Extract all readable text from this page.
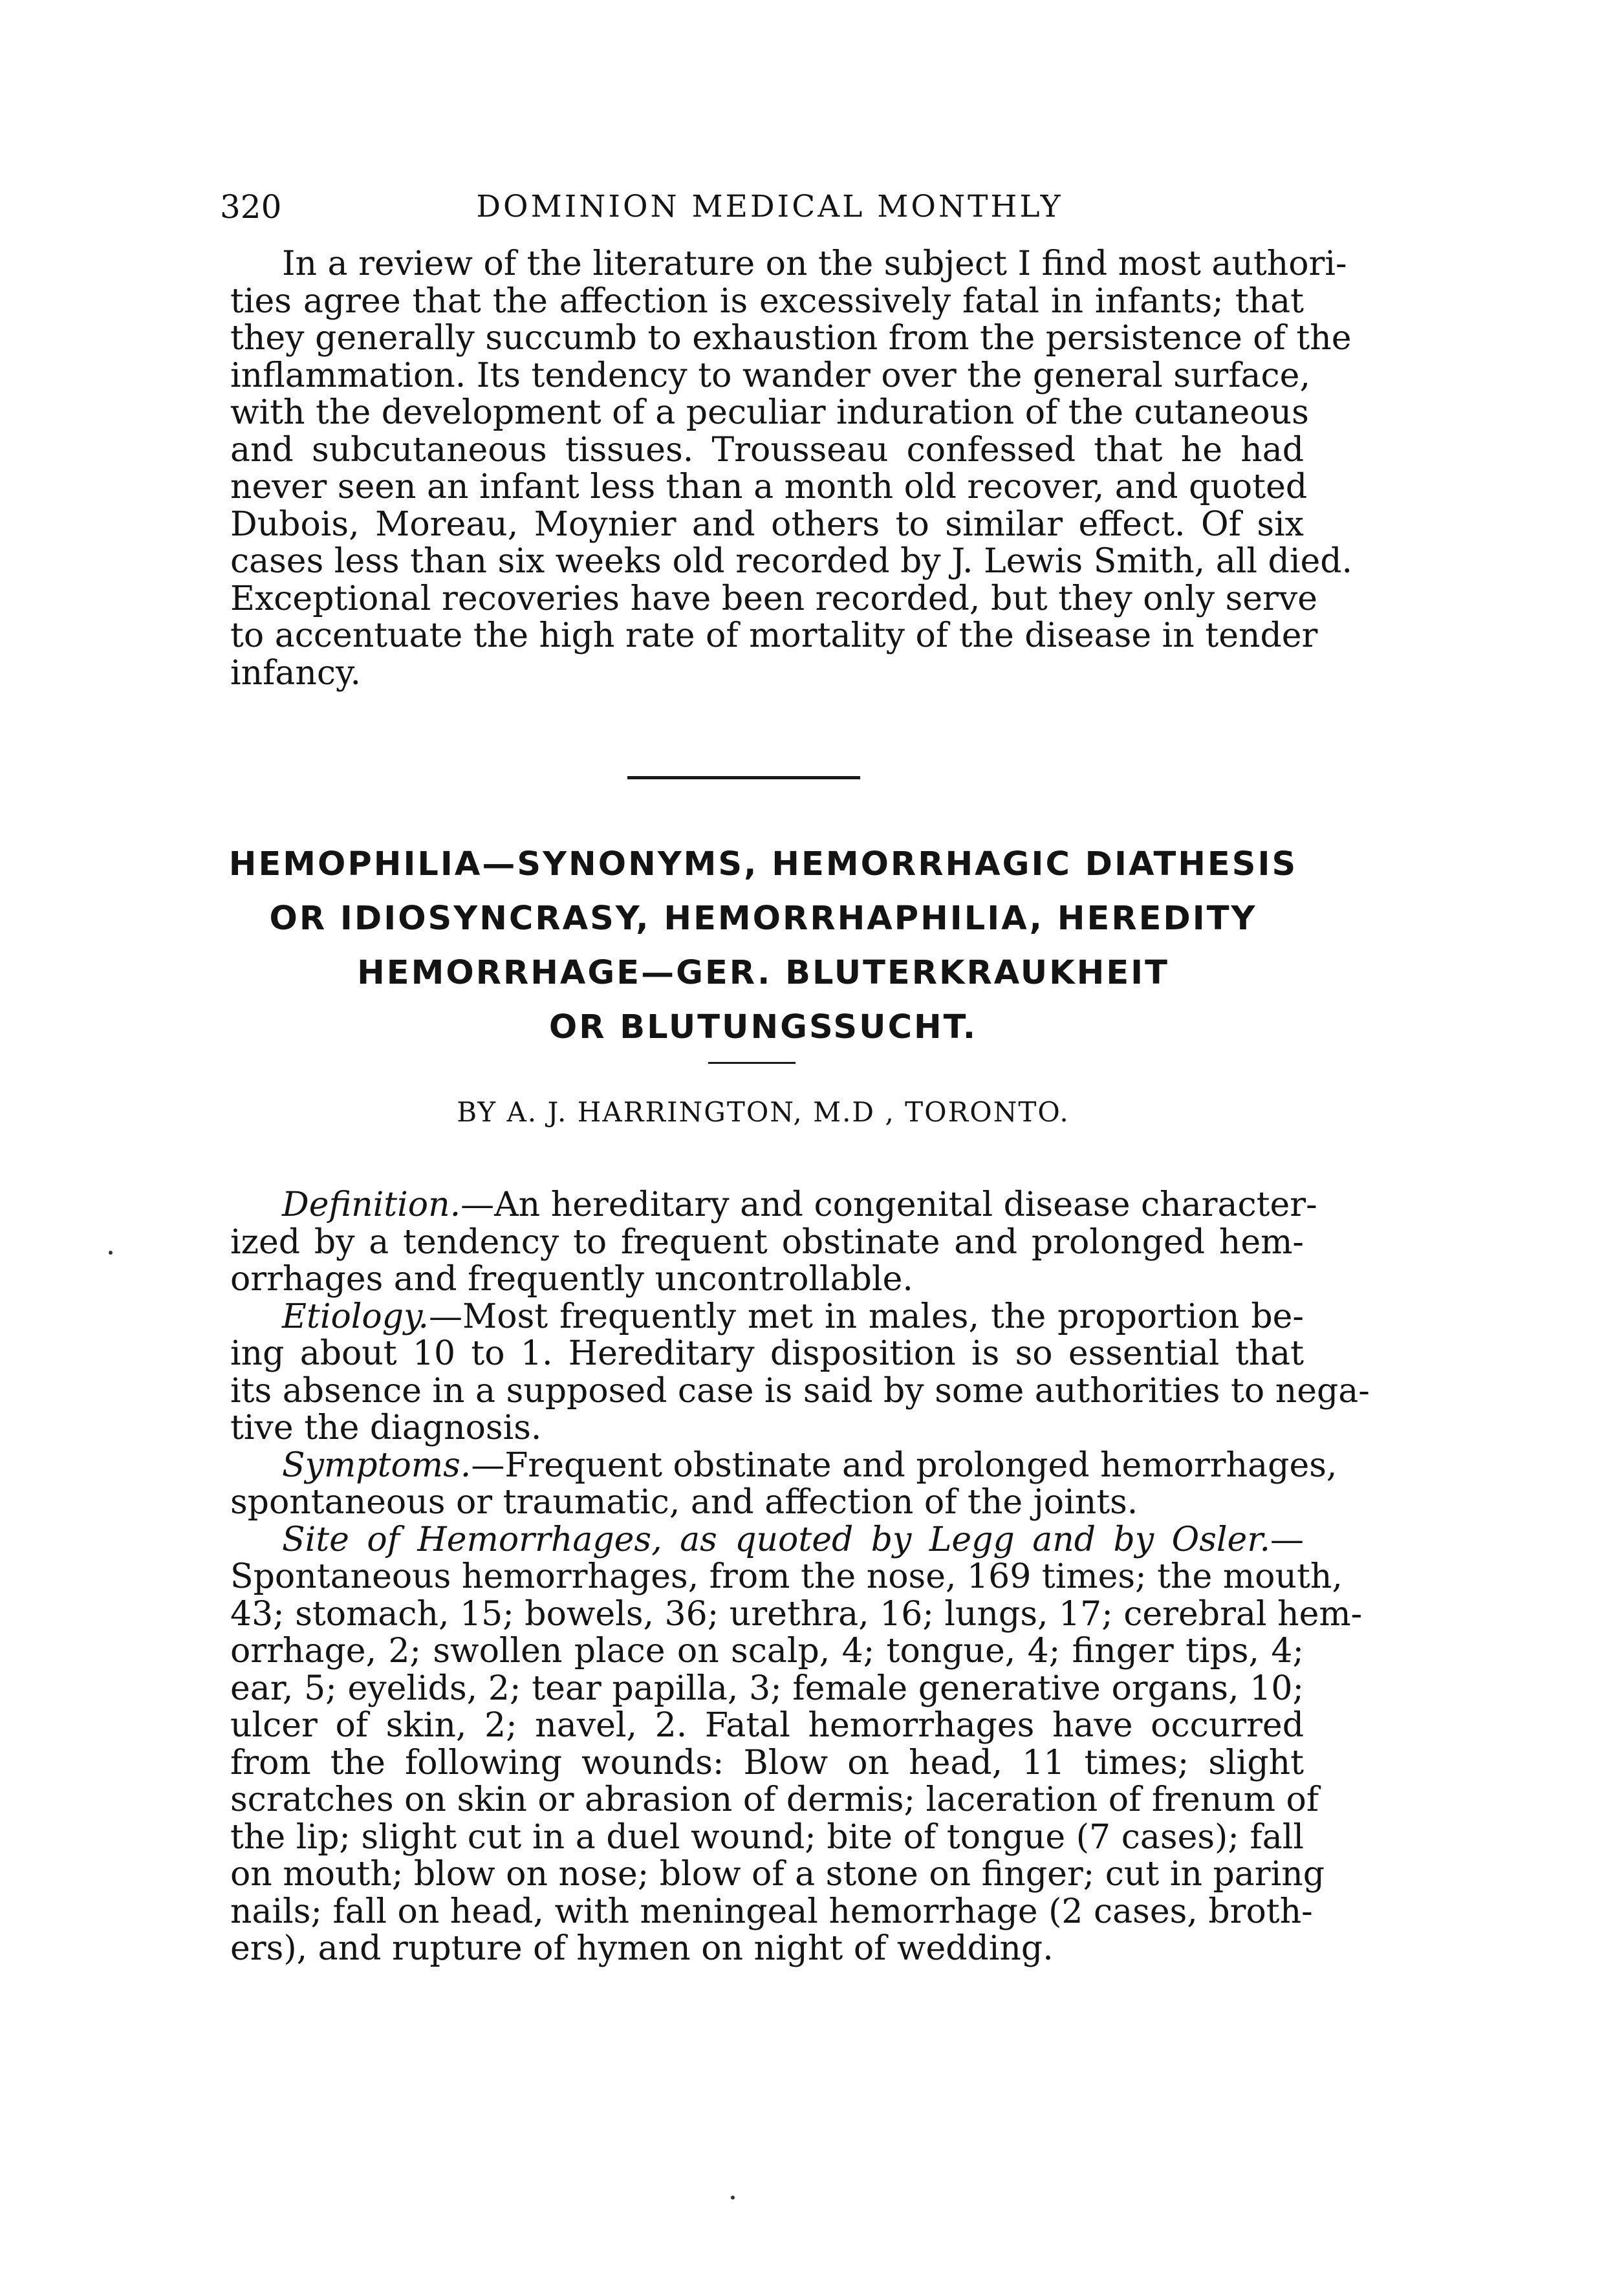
320	DOMINION MEDICAL MONTHLY

In a review of the literature on the subject I find most authori-
ties agree that the affection is excessively fatal in infants; that
they generally succumb to exhaustion from the persistence of the
inflammation. Its tendency to wander over the general surface,
with the development of a peculiar induration of the cutaneous
and subcutaneous tissues. Trousseau confessed that he had
never seen an infant less than a month old recover, and quoted
Dubois, Moreau, Moynier and others to similar effect. Of six
cases less than six weeks old recorded by J. Lewis Smith, all died.
Exceptional recoveries have been recorded, but they only serve
to accentuate the high rate of mortality of the disease in tender
infancy.

HEMOPHILIA—SYNONYMS, HEMORRHAGIC DIATHESIS
OR IDIOSYNCRASY, HEMORRHAPHILIA, HEREDITY
HEMORRHAGE—GER. BLUTERKRAUKHEIT
OR BLUTUNGSSUCHT.
BY A. J. HARRINGTON, M.D , TORONTO.

Definition.—An hereditary and congenital disease character-
ized by a tendency to frequent obstinate and prolonged hem-
orrhages and frequently uncontrollable.
Etiology.—Most frequently met in males, the proportion be-
ing about 10 to 1. Hereditary disposition is so essential that
its absence in a supposed case is said by some authorities to nega-
tive the diagnosis.
Symptoms.—Frequent obstinate and prolonged hemorrhages,
spontaneous or traumatic, and affection of the joints.
Site of Hemorrhages, as quoted by Legg and by Osler.—
Spontaneous hemorrhages, from the nose, 169 times; the mouth,
43; stomach, 15; bowels, 36; urethra, 16; lungs, 17; cerebral hem-
orrhage, 2; swollen place on scalp, 4; tongue, 4; finger tips, 4;
ear, 5; eyelids, 2; tear papilla, 3; female generative organs, 10;
ulcer of skin, 2; navel, 2. Fatal hemorrhages have occurred
from the following wounds: Blow on head, 11 times; slight
scratches on skin or abrasion of dermis; laceration of frenum of
the lip; slight cut in a duel wound; bite of tongue (7 cases); fall
on mouth; blow on nose; blow of a stone on finger; cut in paring
nails; fall on head, with meningeal hemorrhage (2 cases, broth-
ers), and rupture of hymen on night of wedding.
